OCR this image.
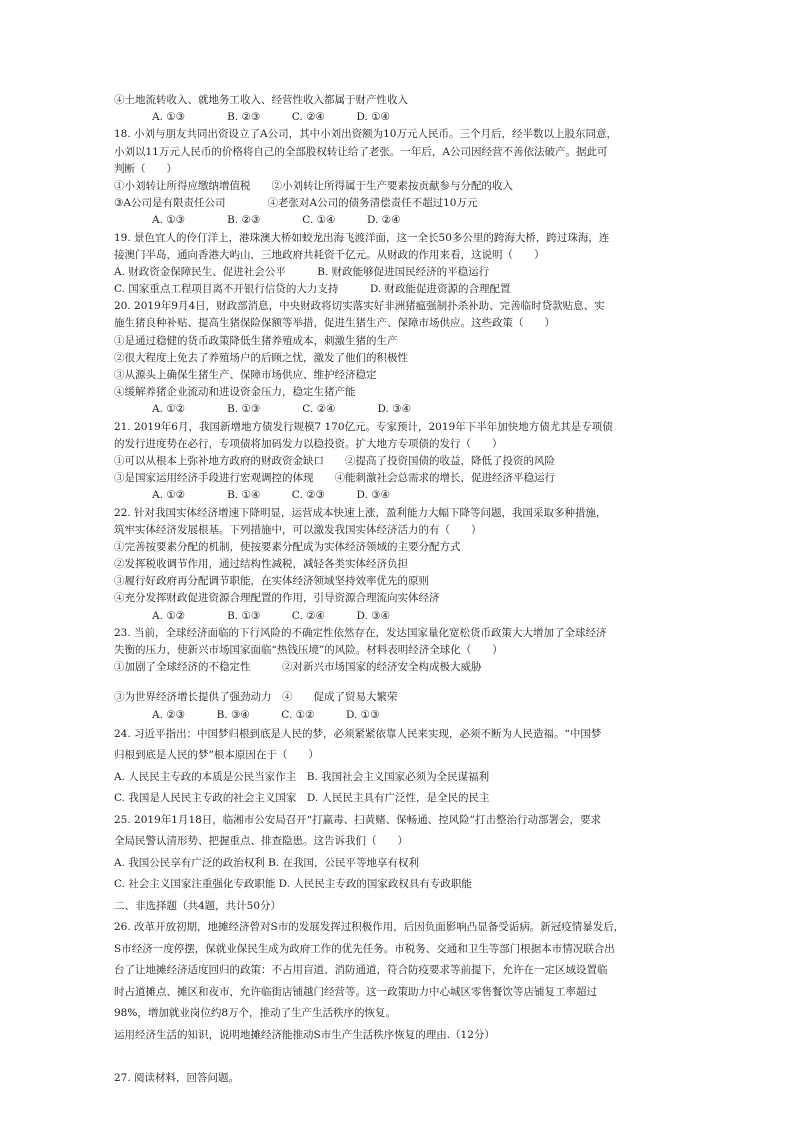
④土地流转收入、就地务工收入、经营性收入都属于财产性收入
A. ①③　　　　B. ②③　　　C. ②④　　　D. ①④
18. 小刘与朋友共同出资设立了A公司，其中小刘出资额为10万元人民币。三个月后，经半数以上股东同意，
小刘以11万元人民币的价格将自己的全部股权转让给了老张。一年后，A公司因经营不善依法破产。据此可
判断（　　）
①小刘转让所得应缴纳增值税　　②小刘转让所得属于生产要素按贡献参与分配的收入
③A公司是有限责任公司　　　　④老张对A公司的债务清偿责任不超过10万元
A. ①③　　　　B. ②③　　　　C. ①④　　　D. ②④
19. 景色宜人的伶仃洋上，港珠澳大桥如蛟龙出海飞渡洋面，这一全长50多公里的跨海大桥，跨过珠海，连
接澳门半岛，通向香港大屿山，三地政府共耗资千亿元。从财政的作用来看，这说明（　　）
A. 财政资金保障民生、促进社会公平　　　B. 财政能够促进国民经济的平稳运行
C. 国家重点工程项目离不开银行信贷的大力支持　　　D. 财政能促进资源的合理配置
20. 2019年9月4日，财政部消息，中央财政将切实落实好非洲猪瘟强制扑杀补助、完善临时贷款贴息、实
施生猪良种补贴、提高生猪保险保额等举措，促进生猪生产、保障市场供应。这些政策（　　）
①是通过稳健的货币政策降低生猪养殖成本，刺激生猪的生产
②很大程度上免去了养殖场户的后顾之忧，激发了他们的积极性
③从源头上确保生猪生产、保障市场供应、维护经济稳定
④缓解养猪企业流动和进设资金压力，稳定生猪产能
A. ①②　　　　B. ①③　　　　C. ②④　　　　D. ③④
21. 2019年6月，我国新增地方债发行规模7 170亿元。专家预计，2019年下半年加快地方债尤其是专项债
的发行进度势在必行，专项债将加码发力以稳投资。扩大地方专项债的发行（　　）
①可以从根本上弥补地方政府的财政资金缺口　　②提高了投资国债的收益，降低了投资的风险
③是国家运用经济手段进行宏观调控的体现　　④能刺激社会总需求的增长，促进经济平稳运行
A. ①②　　　　B. ①④　　　C. ②③　　　D. ③④
22. 针对我国实体经济增速下降明显，运营成本快速上涨，盈利能力大幅下降等问题，我国采取多种措施，
筑牢实体经济发展根基。下列措施中，可以激发我国实体经济活力的有（　　）
①完善按要素分配的机制，使按要素分配成为实体经济领域的主要分配方式
②发挥税收调节作用，通过结构性减税，减轻各类实体经济负担
③履行好政府再分配调节职能，在实体经济领域坚持效率优先的原则
④充分发挥财政促进资源合理配置的作用，引导资源合理流向实体经济
A. ①②　　　　B. ①③　　　C. ②④　　　D. ③④
23. 当前，全球经济面临的下行风险的不确定性依然存在，发达国家量化宽松货币政策大大增加了全球经济
失衡的压力，使新兴市场国家面临“热钱压境”的风险。材料表明经济全球化（　　）
①加剧了全球经济的不稳定性　　　②对新兴市场国家的经济安全构成极大威胁
③为世界经济增长提供了强劲动力　④　　促成了贸易大繁荣
A. ②③　　　B. ③④　　　C. ①②　　　D. ①③
24. 习近平指出：中国梦归根到底是人民的梦，必须紧紧依靠人民来实现，必须不断为人民造福。“中国梦
归根到底是人民的梦”根本原因在于（　　）
A. 人民民主专政的本质是公民当家作主　B. 我国社会主义国家必须为全民谋福利
C. 我国是人民民主专政的社会主义国家　D. 人民民主具有广泛性，是全民的民主
25. 2019年1月18日，临湘市公安局召开“打赢毒、扫黄赌、保畅通、控风险”打击整治行动部署会，要求
全局民警认清形势、把握重点、排查隐患。这告诉我们（　　）
A. 我国公民享有广泛的政治权利 B. 在我国，公民平等地享有权利
C. 社会主义国家注重强化专政职能 D. 人民民主专政的国家政权具有专政职能
二、非选择题（共4题，共计50分）
26. 改革开放初期，地摊经济曾对S市的发展发挥过积极作用，后因负面影响凸显备受诟病。新冠疫情暴发后，
S市经济一度停摆，保就业保民生成为政府工作的优先任务。市税务、交通和卫生等部门根据本市情况联合出
台了让地摊经济适度回归的政策：不占用盲道、消防通道，符合防疫要求等前提下，允许在一定区域设置临
时占道摊点、摊区和夜市，允许临街店铺越门经营等。这一政策助力中心城区零售餐饮等店铺复工率超过
98%，增加就业岗位约8万个，推动了生产生活秩序的恢复。
运用经济生活的知识，说明地摊经济能推动S市生产生活秩序恢复的理由.（12分）
27. 阅读材料，回答问题。
